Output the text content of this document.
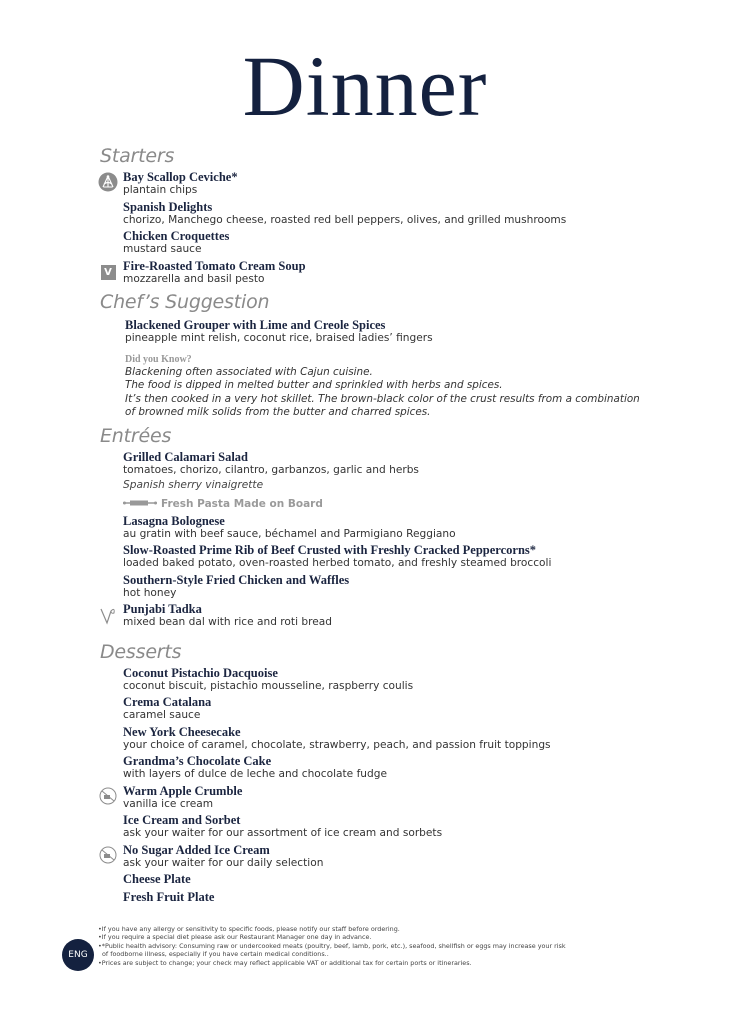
Dinner
Starters
Bay Scallop Ceviche*
plantain chips
Spanish Delights
chorizo, Manchego cheese, roasted red bell peppers, olives, and grilled mushrooms
Chicken Croquettes
mustard sauce
V Fire-Roasted Tomato Cream Soup
mozzarella and basil pesto
Chef’s Suggestion
Blackened Grouper with Lime and Creole Spices
pineapple mint relish, coconut rice, braised ladies’ fingers
Did you Know?
Blackening often associated with Cajun cuisine.
The food is dipped in melted butter and sprinkled with herbs and spices.
It’s then cooked in a very hot skillet. The brown-black color of the crust results from a combination
of browned milk solids from the butter and charred spices.
Entrées
Grilled Calamari Salad
tomatoes, chorizo, cilantro, garbanzos, garlic and herbs
Spanish sherry vinaigrette
Fresh Pasta Made on Board
Lasagna Bolognese
au gratin with beef sauce, béchamel and Parmigiano Reggiano
Slow-Roasted Prime Rib of Beef Crusted with Freshly Cracked Peppercorns*
loaded baked potato, oven-roasted herbed tomato, and freshly steamed broccoli
Southern-Style Fried Chicken and Waffles
hot honey
Punjabi Tadka
mixed bean dal with rice and roti bread
Desserts
Coconut Pistachio Dacquoise
coconut biscuit, pistachio mousseline, raspberry coulis
Crema Catalana
caramel sauce
New York Cheesecake
your choice of caramel, chocolate, strawberry, peach, and passion fruit toppings
Grandma’s Chocolate Cake
with layers of dulce de leche and chocolate fudge
Warm Apple Crumble
vanilla ice cream
Ice Cream and Sorbet
ask your waiter for our assortment of ice cream and sorbets
No Sugar Added Ice Cream
ask your waiter for our daily selection
Cheese Plate
Fresh Fruit Plate
ENG
•If you have any allergy or sensitivity to specific foods, please notify our staff before ordering.
•If you require a special diet please ask our Restaurant Manager one day in advance.
•*Public health advisory: Consuming raw or undercooked meats (poultry, beef, lamb, pork, etc.), seafood, shellfish or eggs may increase your risk
of foodborne illness, especially if you have certain medical conditions..
•Prices are subject to change; your check may reflect applicable VAT or additional tax for certain ports or itineraries.
